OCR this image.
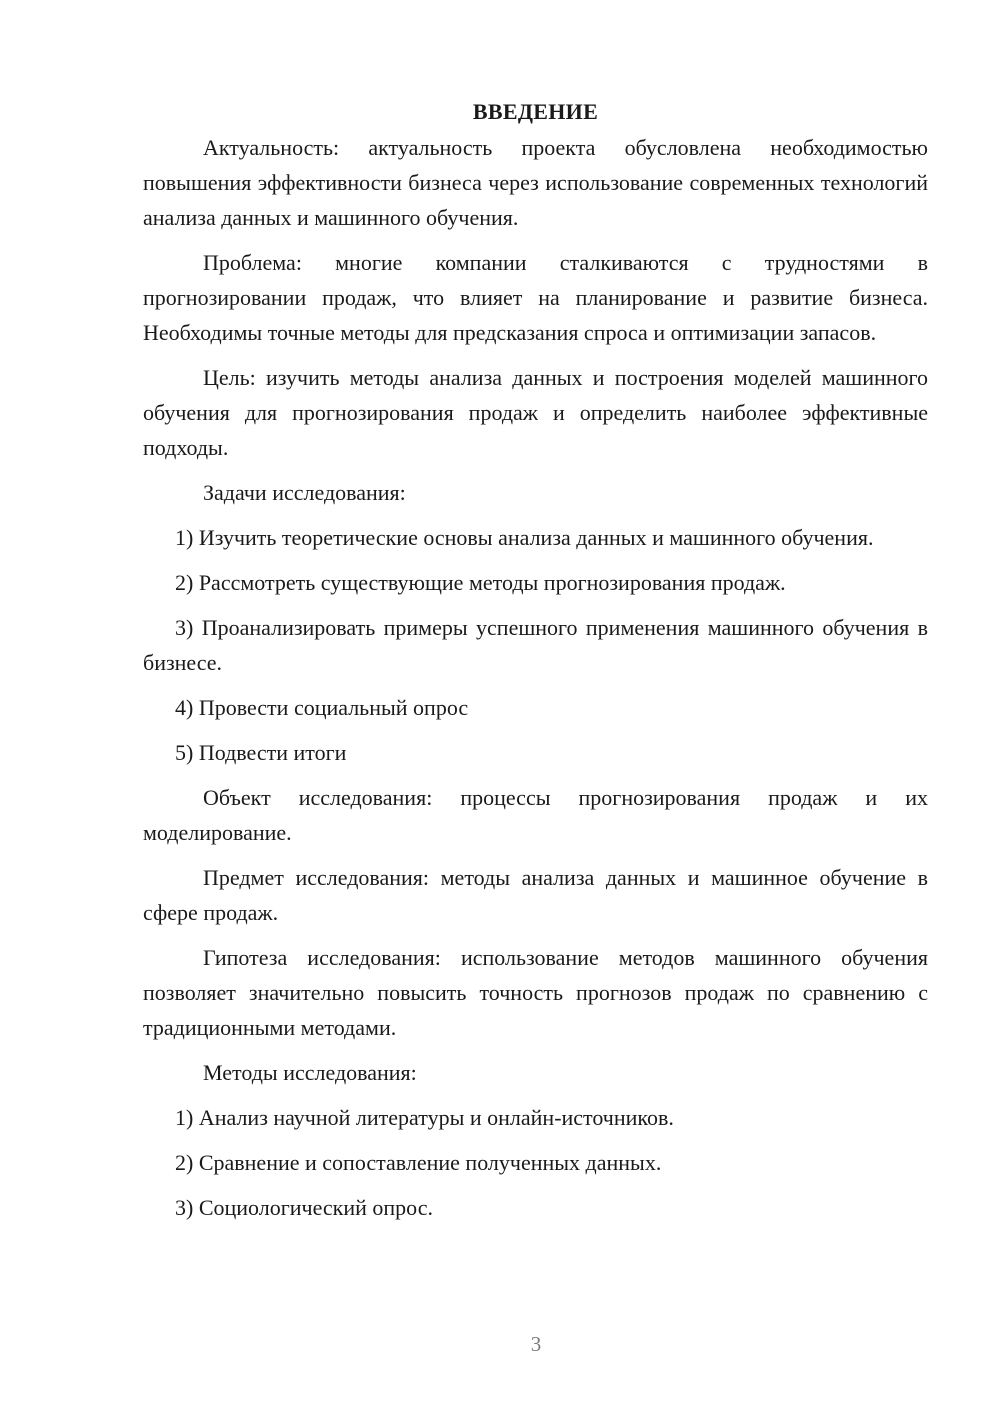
ВВЕДЕНИЕ

Актуальность: актуальность проекта обусловлена необходимостью повышения эффективности бизнеса через использование современных технологий анализа данных и машинного обучения.

Проблема: многие компании сталкиваются с трудностями в прогнозировании продаж, что влияет на планирование и развитие бизнеса. Необходимы точные методы для предсказания спроса и оптимизации запасов.

Цель: изучить методы анализа данных и построения моделей машинного обучения для прогнозирования продаж и определить наиболее эффективные подходы.

Задачи исследования:

1) Изучить теоретические основы анализа данных и машинного обучения.

2) Рассмотреть существующие методы прогнозирования продаж.

3) Проанализировать примеры успешного применения машинного обучения в бизнесе.

4) Провести социальный опрос

5) Подвести итоги

Объект исследования: процессы прогнозирования продаж и их моделирование.

Предмет исследования: методы анализа данных и машинное обучение в сфере продаж.

Гипотеза исследования: использование методов машинного обучения позволяет значительно повысить точность прогнозов продаж по сравнению с традиционными методами.

Методы исследования:

1) Анализ научной литературы и онлайн-источников.

2) Сравнение и сопоставление полученных данных.

3) Социологический опрос.

3
